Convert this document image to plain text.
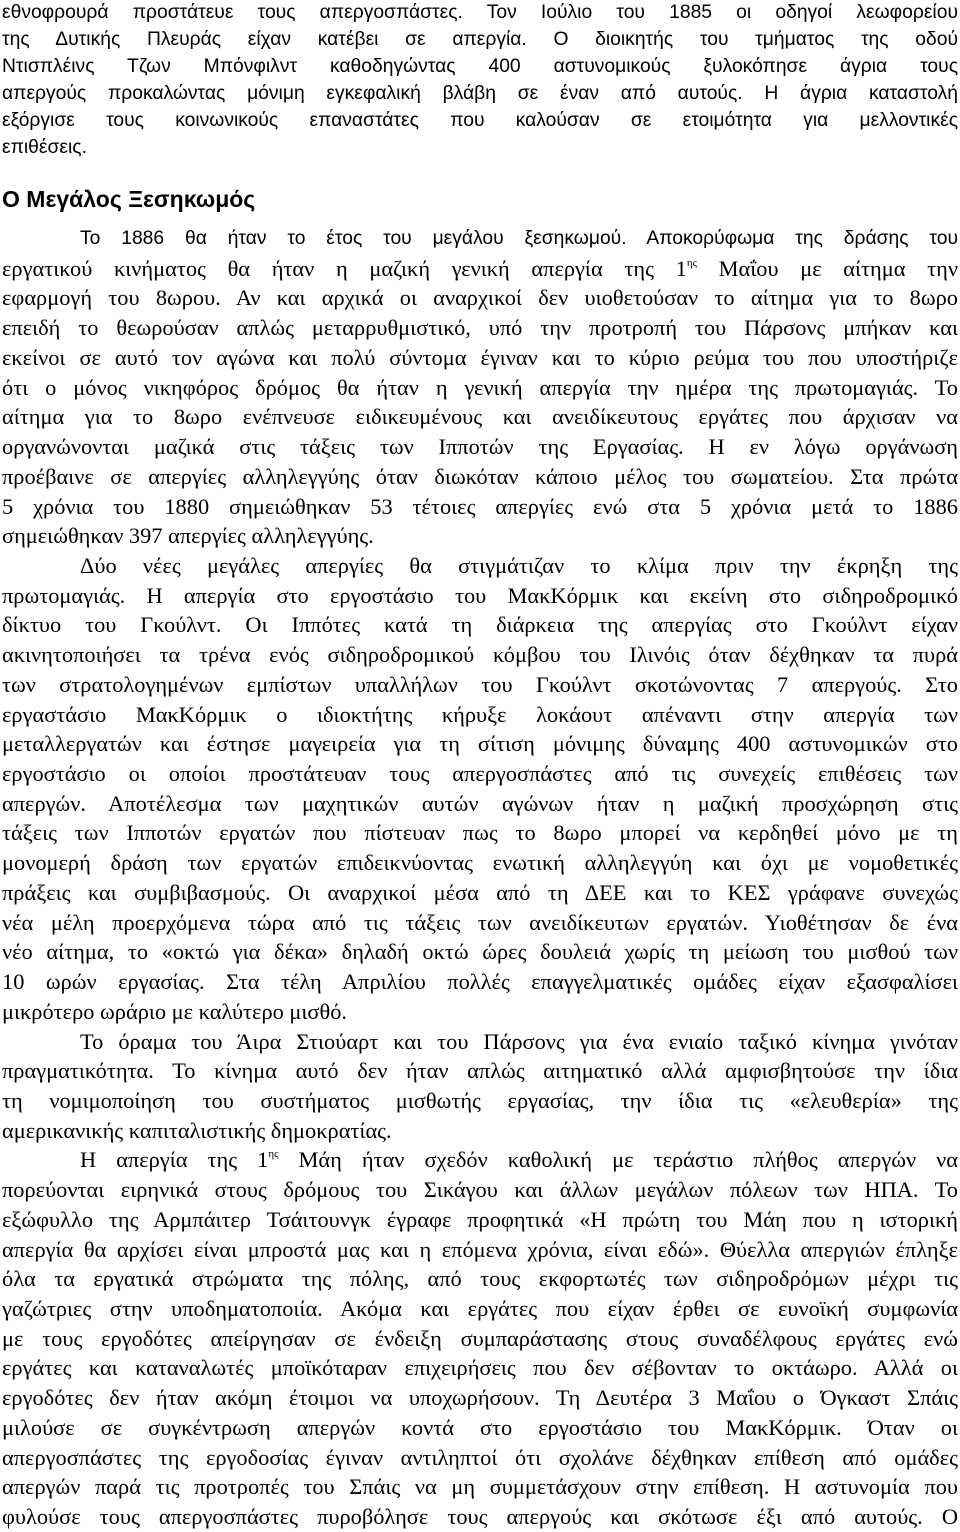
εθνοφρουρά προστάτευε τους απεργοσπάστες. Τον Ιούλιο του 1885 οι οδηγοί λεωφορείου
της Δυτικής Πλευράς είχαν κατέβει σε απεργία. Ο διοικητής του τμήματος της οδού
Ντισπλέινς Τζων Μπόνφιλντ καθοδηγώντας 400 αστυνομικούς ξυλοκόπησε άγρια τους
απεργούς προκαλώντας μόνιμη εγκεφαλική βλάβη σε έναν από αυτούς. Η άγρια καταστολή
εξόργισε τους κοινωνικούς επαναστάτες που καλούσαν σε ετοιμότητα για μελλοντικές
επιθέσεις.
Ο Μεγάλος Ξεσηκωμός
Το 1886 θα ήταν το έτος του μεγάλου ξεσηκωμού. Αποκορύφωμα της δράσης του
εργατικού κινήματος θα ήταν η μαζική γενική απεργία της $1^{\eta\varsigma}$ Μαΐου με αίτημα την
εφαρμογή του 8ωρου. Αν και αρχικά οι αναρχικοί δεν υιοθετούσαν το αίτημα για το 8ωρο
επειδή το θεωρούσαν απλώς μεταρρυθμιστικό, υπό την προτροπή του Πάρσονς μπήκαν και
εκείνοι σε αυτό τον αγώνα και πολύ σύντομα έγιναν και το κύριο ρεύμα του που υποστήριζε
ότι ο μόνος νικηφόρος δρόμος θα ήταν η γενική απεργία την ημέρα της πρωτομαγιάς. Το
αίτημα για το 8ωρο ενέπνευσε ειδικευμένους και ανειδίκευτους εργάτες που άρχισαν να
οργανώνονται μαζικά στις τάξεις των Ιπποτών της Εργασίας. Η εν λόγω οργάνωση
προέβαινε σε απεργίες αλληλεγγύης όταν διωκόταν κάποιο μέλος του σωματείου. Στα πρώτα
5 χρόνια του 1880 σημειώθηκαν 53 τέτοιες απεργίες ενώ στα 5 χρόνια μετά το 1886
σημειώθηκαν 397 απεργίες αλληλεγγύης.
Δύο νέες μεγάλες απεργίες θα στιγμάτιζαν το κλίμα πριν την έκρηξη της
πρωτομαγιάς. Η απεργία στο εργοστάσιο του ΜακΚόρμικ και εκείνη στο σιδηροδρομικό
δίκτυο του Γκούλντ. Οι Ιππότες κατά τη διάρκεια της απεργίας στο Γκούλντ είχαν
ακινητοποιήσει τα τρένα ενός σιδηροδρομικού κόμβου του Ιλινόις όταν δέχθηκαν τα πυρά
των στρατολογημένων εμπίστων υπαλλήλων του Γκούλντ σκοτώνοντας 7 απεργούς. Στο
εργαστάσιο ΜακΚόρμικ ο ιδιοκτήτης κήρυξε λοκάουτ απέναντι στην απεργία των
μεταλλεργατών και έστησε μαγειρεία για τη σίτιση μόνιμης δύναμης 400 αστυνομικών στο
εργοστάσιο οι οποίοι προστάτευαν τους απεργοσπάστες από τις συνεχείς επιθέσεις των
απεργών. Αποτέλεσμα των μαχητικών αυτών αγώνων ήταν η μαζική προσχώρηση στις
τάξεις των Ιπποτών εργατών που πίστευαν πως το 8ωρο μπορεί να κερδηθεί μόνο με τη
μονομερή δράση των εργατών επιδεικνύοντας ενωτική αλληλεγγύη και όχι με νομοθετικές
πράξεις και συμβιβασμούς. Οι αναρχικοί μέσα από τη ΔΕΕ και το ΚΕΣ γράφανε συνεχώς
νέα μέλη προερχόμενα τώρα από τις τάξεις των ανειδίκευτων εργατών. Υιοθέτησαν δε ένα
νέο αίτημα, το «οκτώ για δέκα» δηλαδή οκτώ ώρες δουλειά χωρίς τη μείωση του μισθού των
10 ωρών εργασίας. Στα τέλη Απριλίου πολλές επαγγελματικές ομάδες είχαν εξασφαλίσει
μικρότερο ωράριο με καλύτερο μισθό.
Το όραμα του Άιρα Στιούαρτ και του Πάρσονς για ένα ενιαίο ταξικό κίνημα γινόταν
πραγματικότητα. Το κίνημα αυτό δεν ήταν απλώς αιτηματικό αλλά αμφισβητούσε την ίδια
τη νομιμοποίηση του συστήματος μισθωτής εργασίας, την ίδια τις «ελευθερία» της
αμερικανικής καπιταλιστικής δημοκρατίας.
Η απεργία της $1^{\eta\varsigma}$ Μάη ήταν σχεδόν καθολική με τεράστιο πλήθος απεργών να
πορεύονται ειρηνικά στους δρόμους του Σικάγου και άλλων μεγάλων πόλεων των ΗΠΑ. Το
εξώφυλλο της Αρμπάιτερ Τσάιτουνγκ έγραφε προφητικά «Η πρώτη του Μάη που η ιστορική
απεργία θα αρχίσει είναι μπροστά μας και η επόμενα χρόνια, είναι εδώ». Θύελλα απεργιών έπληξε
όλα τα εργατικά στρώματα της πόλης, από τους εκφορτωτές των σιδηροδρόμων μέχρι τις
γαζώτριες στην υποδηματοποιία. Ακόμα και εργάτες που είχαν έρθει σε ευνοϊκή συμφωνία
με τους εργοδότες απείργησαν σε ένδειξη συμπαράστασης στους συναδέλφους εργάτες ενώ
εργάτες και καταναλωτές μποϊκόταραν επιχειρήσεις που δεν σέβονταν το οκτάωρο. Αλλά οι
εργοδότες δεν ήταν ακόμη έτοιμοι να υποχωρήσουν. Τη Δευτέρα 3 Μαΐου ο Όγκαστ Σπάις
μιλούσε σε συγκέντρωση απεργών κοντά στο εργοστάσιο του ΜακΚόρμικ. Όταν οι
απεργοσπάστες της εργοδοσίας έγιναν αντιληπτοί ότι σχολάνε δέχθηκαν επίθεση από ομάδες
απεργών παρά τις προτροπές του Σπάις να μη συμμετάσχουν στην επίθεση. Η αστυνομία που
φυλούσε τους απεργοσπάστες πυροβόλησε τους απεργούς και σκότωσε έξι από αυτούς. Ο
